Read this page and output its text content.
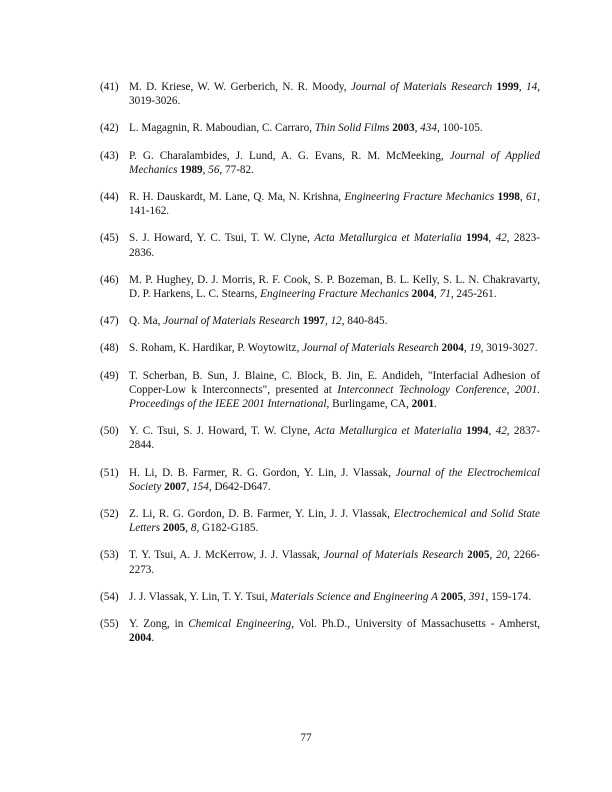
(41) M. D. Kriese, W. W. Gerberich, N. R. Moody, Journal of Materials Research 1999, 14, 3019-3026.

(42) L. Magagnin, R. Maboudian, C. Carraro, Thin Solid Films 2003, 434, 100-105.

(43) P. G. Charalambides, J. Lund, A. G. Evans, R. M. McMeeking, Journal of Applied Mechanics 1989, 56, 77-82.

(44) R. H. Dauskardt, M. Lane, Q. Ma, N. Krishna, Engineering Fracture Mechanics 1998, 61, 141-162.

(45) S. J. Howard, Y. C. Tsui, T. W. Clyne, Acta Metallurgica et Materialia 1994, 42, 2823-2836.

(46) M. P. Hughey, D. J. Morris, R. F. Cook, S. P. Bozeman, B. L. Kelly, S. L. N. Chakravarty, D. P. Harkens, L. C. Stearns, Engineering Fracture Mechanics 2004, 71, 245-261.

(47) Q. Ma, Journal of Materials Research 1997, 12, 840-845.

(48) S. Roham, K. Hardikar, P. Woytowitz, Journal of Materials Research 2004, 19, 3019-3027.

(49) T. Scherban, B. Sun, J. Blaine, C. Block, B. Jin, E. Andideh, "Interfacial Adhesion of Copper-Low k Interconnects", presented at Interconnect Technology Conference, 2001. Proceedings of the IEEE 2001 International, Burlingame, CA, 2001.

(50) Y. C. Tsui, S. J. Howard, T. W. Clyne, Acta Metallurgica et Materialia 1994, 42, 2837-2844.

(51) H. Li, D. B. Farmer, R. G. Gordon, Y. Lin, J. Vlassak, Journal of the Electrochemical Society 2007, 154, D642-D647.

(52) Z. Li, R. G. Gordon, D. B. Farmer, Y. Lin, J. J. Vlassak, Electrochemical and Solid State Letters 2005, 8, G182-G185.

(53) T. Y. Tsui, A. J. McKerrow, J. J. Vlassak, Journal of Materials Research 2005, 20, 2266-2273.

(54) J. J. Vlassak, Y. Lin, T. Y. Tsui, Materials Science and Engineering A 2005, 391, 159-174.

(55) Y. Zong, in Chemical Engineering, Vol. Ph.D., University of Massachusetts - Amherst, 2004.

77
